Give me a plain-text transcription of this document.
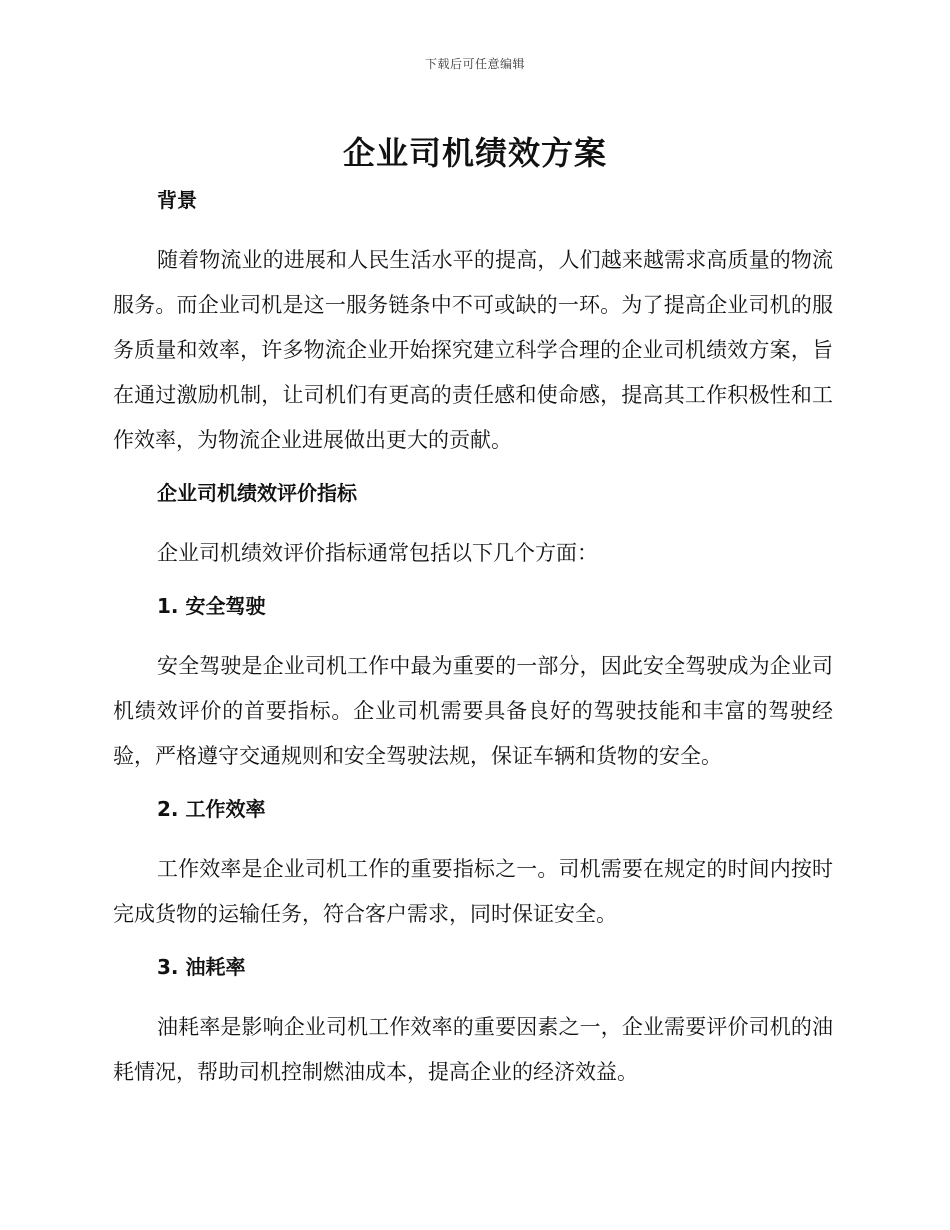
下载后可任意编辑
企业司机绩效方案
背景

随着物流业的进展和人民生活水平的提高，人们越来越需求高质量的物流服务。而企业司机是这一服务链条中不可或缺的一环。为了提高企业司机的服务质量和效率，许多物流企业开始探究建立科学合理的企业司机绩效方案，旨在通过激励机制，让司机们有更高的责任感和使命感，提高其工作积极性和工作效率，为物流企业进展做出更大的贡献。

企业司机绩效评价指标

企业司机绩效评价指标通常包括以下几个方面：

1. 安全驾驶

安全驾驶是企业司机工作中最为重要的一部分，因此安全驾驶成为企业司机绩效评价的首要指标。企业司机需要具备良好的驾驶技能和丰富的驾驶经验，严格遵守交通规则和安全驾驶法规，保证车辆和货物的安全。

2. 工作效率

工作效率是企业司机工作的重要指标之一。司机需要在规定的时间内按时完成货物的运输任务，符合客户需求，同时保证安全。

3. 油耗率

油耗率是影响企业司机工作效率的重要因素之一，企业需要评价司机的油耗情况，帮助司机控制燃油成本，提高企业的经济效益。
